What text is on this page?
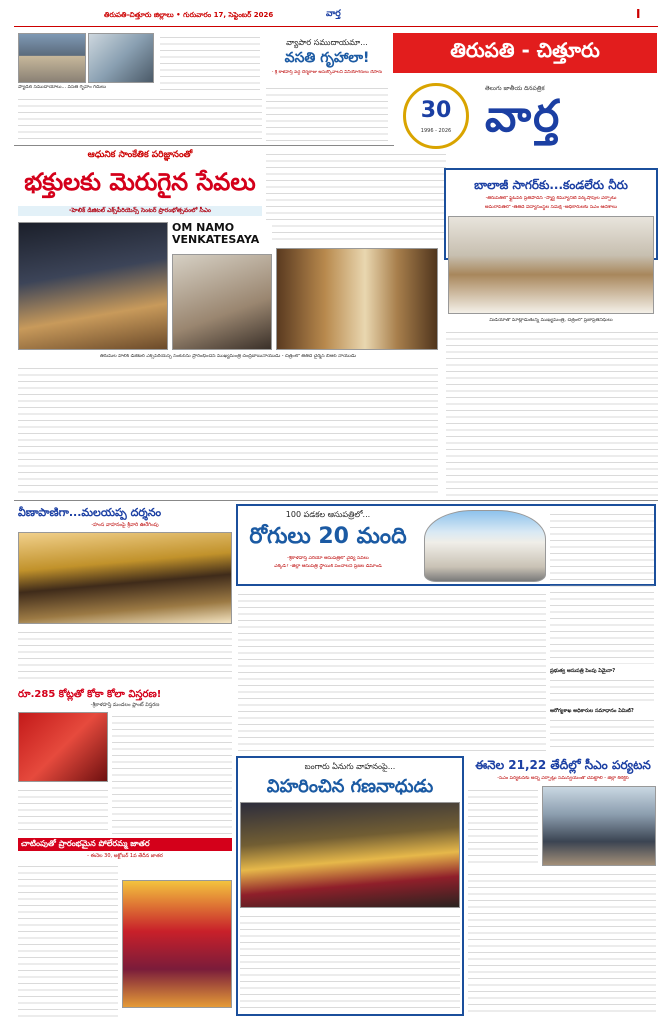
తిరుపతి-చిత్తూరు జిల్లాలు • గురువారం 17, సెప్టెంబర్ 2026	వార్త	I
ప్యాడిల్ సముదాయాలు... వసతి గృహం గదులు
వ్యాపార సముదాయమా...
వసతి గృహాలా!
- శ్రీ కాళహస్తి వద్ద చెర్మరాజు అసుక్కోవాలని వినియోగరులు చేసారు
తిరుపతి - చిత్తూరు
30
1996 - 2026
తెలుగు జాతీయ దినపత్రిక
వార్త
ఆధునిక సాంకేతిక పరిజ్ఞానంతో
భక్తులకు మెరుగైన సేవలు
-హెలిక్ డిజిటల్ ఎక్స్‌పీరియెన్స్ సెంటర్ ప్రారంభోత్సవంలో సీఎం
OM NAMO VENKATESAYA
తిరుమల హెలిక్ డిజిటల్ ఎక్స్‌పీరియెన్స్ సెంటర్‌ను ప్రారంభించిన ముఖ్యమంత్రి చంద్రబాబునాయుడు - చిత్రంలో తితిదే చైర్మన్ బిఆర్ నాయుడు
బాలాజీ సాగర్‌కు...కండలేరు నీరు
-తిరుపతిలో ఫ్లైఓవర్ ప్రతిపాదన -స్మార్ట్ కమ్యూనిటీ వర్క్‌షాపుల ఏర్పాటు
అమరావతిలో -తితిదే విద్యాసంస్థల సమీక్ష -అధికారులకు సీఎం ఆదేశాలు
మీడియాతో మాట్లాడుతున్న ముఖ్యమంత్రి, చిత్రంలో ప్రజాప్రతినిధులు
వీణాపాణిగా...మలయప్ప దర్శనం
-హంస వాహనంపై శ్రీవారి ఊరేగింపు
రూ.285 కోట్లతో కోకా కోలా విస్తరణ!
-శ్రీకాళహస్తి మండలం ప్లాంట్ విస్తరణ
చాటింపుతో ప్రారంభమైన పోలేరమ్మ జాతర
- ఈనెల 30, అక్టోబర్ 1వ తేదీన జాతర
100 పడకల ఆసుపత్రిలో...
రోగులు 20 మంది
-శ్రీకాళహస్తి ఏరియా ఆసుపత్రిలో వైద్య సేవలు
ఎక్కడ? -జిల్లా ఆసుపత్రి స్థాయికి పెంచాలని ప్రజల డిమాండ్
ప్రభుత్వ ఆసుపత్రి పెంపు ఏమైనా?
ఆరోగ్యశాఖ అధికారుల సమాధానం ఏమిటి?
బంగారు ఏనుగు వాహనంపై...
విహరించిన గణనాధుడు
ఈనెల 21,22 తేదీల్లో సీఎం పర్యటన
-సీఎం పర్యటనకు అన్ని ఏర్పాట్లు సమన్వయంతో చేపట్టాలి - జిల్లా కలెక్టర్
